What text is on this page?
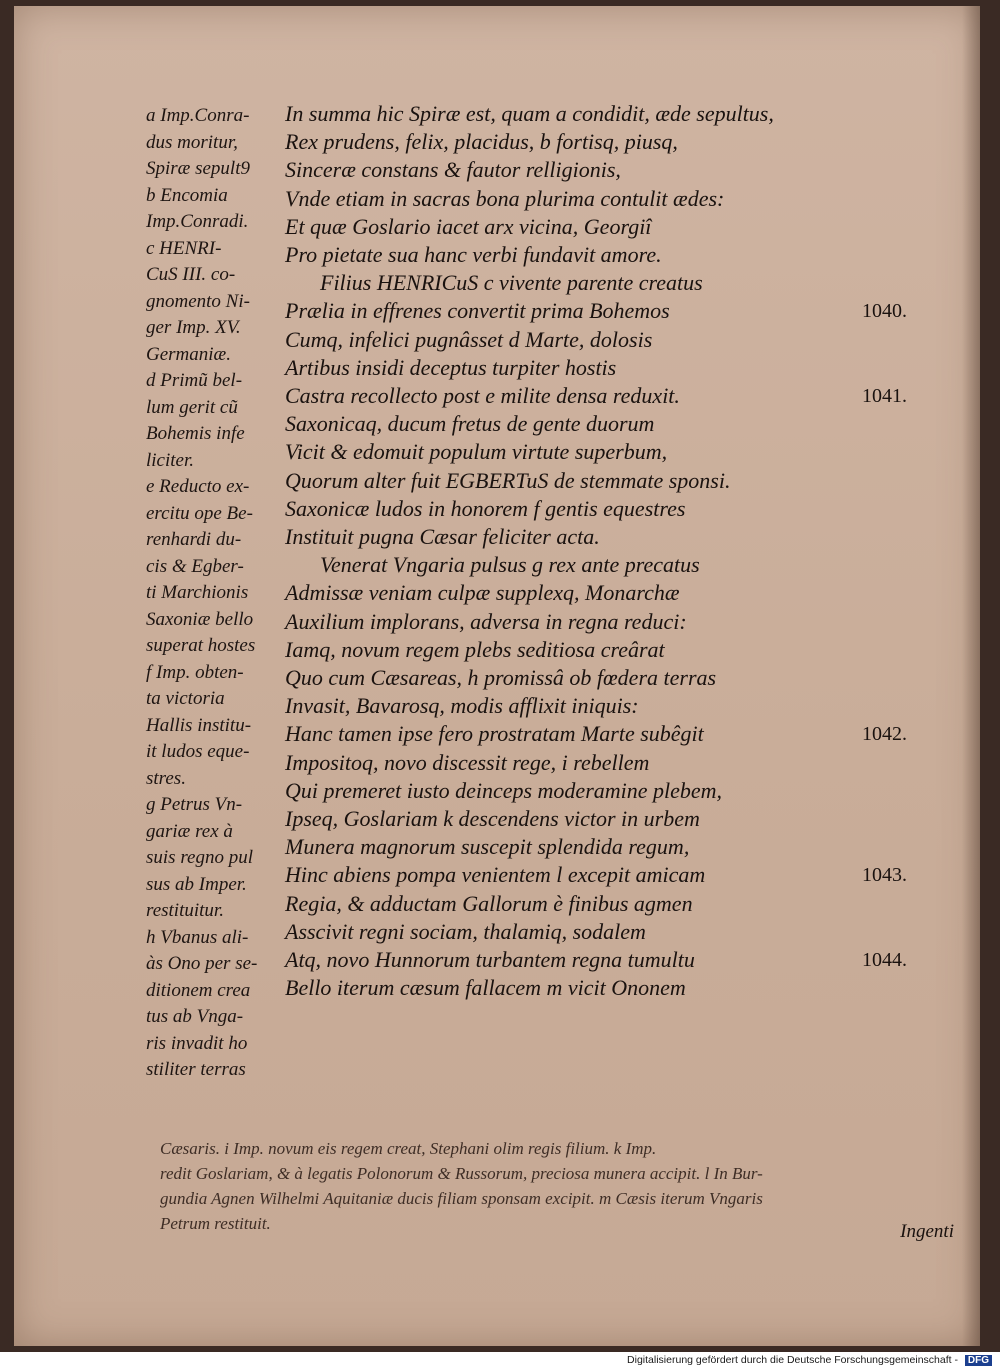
a Imp.Conra-
dus moritur,
Spiræ sepult9
b Encomia
Imp.Conradi.
c HENRI-
CuS III. co-
gnomento Ni-
ger Imp. XV.
Germaniæ.
d Primũ bel-
lum gerit cũ
Bohemis infe
liciter.
e Reducto ex-
ercitu ope Be-
renhardi du-
cis & Egber-
ti Marchionis
Saxoniæ bello
superat hostes
f Imp. obten-
ta victoria
Hallis institu-
it ludos eque-
stres.
g Petrus Vn-
gariæ rex à
suis regno pul
sus ab Imper.
restituitur.
h Vbanus ali-
às Ono per se-
ditionem crea
tus ab Vnga-
ris invadit ho
stiliter terras
In summa hic Spiræ est, quam a condidit, æde sepultus,
Rex prudens, felix, placidus, b fortisq, piusq,
Sinceræ constans & fautor relligionis,
Vnde etiam in sacras bona plurima contulit ædes:
Et quæ Goslario iacet arx vicina, Georgiî
Pro pietate sua hanc verbi fundavit amore.
Filius HENRICuS c vivente parente creatus
Prælia in effrenes convertit prima Bohemos
Cumq, infelici pugnâsset d Marte, dolosis
Artibus insidi deceptus turpiter hostis
Castra recollecto post e milite densa reduxit.
Saxonicaq, ducum fretus de gente duorum
Vicit & edomuit populum virtute superbum,
Quorum alter fuit EGBERTuS de stemmate sponsi.
Saxonicæ ludos in honorem f gentis equestres
Instituit pugna Cæsar feliciter acta.
Venerat Vngaria pulsus g rex ante precatus
Admissæ veniam culpæ supplexq, Monarchæ
Auxilium implorans, adversa in regna reduci:
Iamq, novum regem plebs seditiosa creârat
Quo cum Cæsareas, h promissâ ob fœdera terras
Invasit, Bavarosq, modis afflixit iniquis:
Hanc tamen ipse fero prostratam Marte subêgit
Impositoq, novo discessit rege, i rebellem
Qui premeret iusto deinceps moderamine plebem,
Ipseq, Goslariam k descendens victor in urbem
Munera magnorum suscepit splendida regum,
Hinc abiens pompa venientem l excepit amicam
Regia, & adductam Gallorum è finibus agmen
Asscivit regni sociam, thalamiq, sodalem
Atq, novo Hunnorum turbantem regna tumultu
Bello iterum cæsum fallacem m vicit Ononem
1040.
1041.
1042.
1043.
1044.
Cæsaris. i Imp. novum eis regem creat, Stephani olim regis filium. k Imp.
redit Goslariam, & à legatis Polonorum & Russorum, preciosa munera accipit. l In Bur-
gundia Agnen Wilhelmi Aquitaniæ ducis filiam sponsam excipit. m Cæsis iterum Vngaris
Petrum restituit.	Ingenti
Digitalisierung gefördert durch die Deutsche Forschungsgemeinschaft - DFG
